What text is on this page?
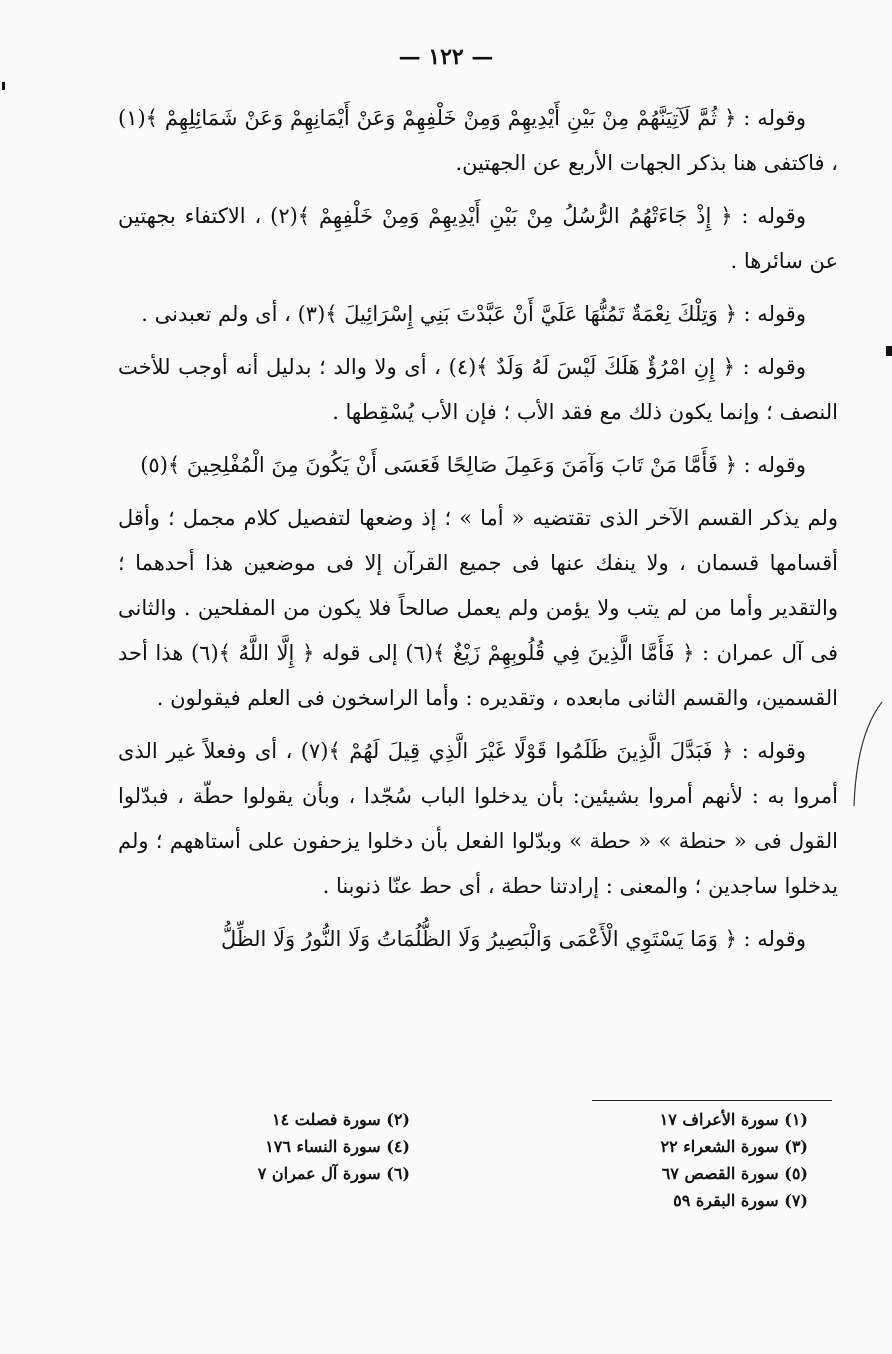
— ١٢٢ —

وقوله : ﴿ ثُمَّ لَآتِيَنَّهُمْ مِنْ بَيْنِ أَيْدِيهِمْ وَمِنْ خَلْفِهِمْ وَعَنْ أَيْمَانِهِمْ وَعَنْ شَمَائِلِهِمْ ﴾(١) ، فاكتفى هنا بذكر الجهات الأربع عن الجهتين.

وقوله : ﴿ إِذْ جَاءَتْهُمُ الرُّسُلُ مِنْ بَيْنِ أَيْدِيهِمْ وَمِنْ خَلْفِهِمْ ﴾(٢) ، الاكتفاء بجهتين عن سائرها .

وقوله : ﴿ وَتِلْكَ نِعْمَةٌ تَمُنُّهَا عَلَيَّ أَنْ عَبَّدْتَ بَنِي إِسْرَائِيلَ ﴾(٣) ، أى ولم تعبدنى .

وقوله : ﴿ إِنِ امْرُؤٌ هَلَكَ لَيْسَ لَهُ وَلَدٌ ﴾(٤) ، أى ولا والد ؛ بدليل أنه أوجب للأخت النصف ؛ وإنما يكون ذلك مع فقد الأب ؛ فإن الأب يُسْقِطها .

وقوله : ﴿ فَأَمَّا مَنْ تَابَ وَآمَنَ وَعَمِلَ صَالِحًا فَعَسَى أَنْ يَكُونَ مِنَ الْمُفْلِحِينَ ﴾(٥)

ولم يذكر القسم الآخر الذى تقتضيه « أما » ؛ إذ وضعها لتفصيل كلام مجمل ؛ وأقل أقسامها قسمان ، ولا ينفك عنها فى جميع القرآن إلا فى موضعين هذا أحدهما ؛ والتقدير وأما من لم يتب ولا يؤمن ولم يعمل صالحاً فلا يكون من المفلحين . والثانى فى آل عمران : ﴿ فَأَمَّا الَّذِينَ فِي قُلُوبِهِمْ زَيْغٌ ﴾(٦) إلى قوله ﴿ إِلَّا اللَّهُ ﴾(٦) هذا أحد القسمين، والقسم الثانى مابعده ، وتقديره : وأما الراسخون فى العلم فيقولون .

وقوله : ﴿ فَبَدَّلَ الَّذِينَ ظَلَمُوا قَوْلًا غَيْرَ الَّذِي قِيلَ لَهُمْ ﴾(٧) ، أى وفعلاً غير الذى أمروا به : لأنهم أمروا بشيئين: بأن يدخلوا الباب سُجّدا ، وبأن يقولوا حطّة ، فبدّلوا القول فى « حنطة » « حطة » وبدّلوا الفعل بأن دخلوا يزحفون على أستاههم ؛ ولم يدخلوا ساجدين ؛ والمعنى : إرادتنا حطة ، أى حط عنّا ذنوبنا .

وقوله : ﴿ وَمَا يَسْتَوِي الْأَعْمَى وَالْبَصِيرُ وَلَا الظُّلُمَاتُ وَلَا النُّورُ وَلَا الظِّلُّ

(١) سورة الأعراف ١٧
(٣) سورة الشعراء ٢٢
(٥) سورة القصص ٦٧
(٧) سورة البقرة ٥٩
(٢) سورة فصلت ١٤
(٤) سورة النساء ١٧٦
(٦) سورة آل عمران ٧
